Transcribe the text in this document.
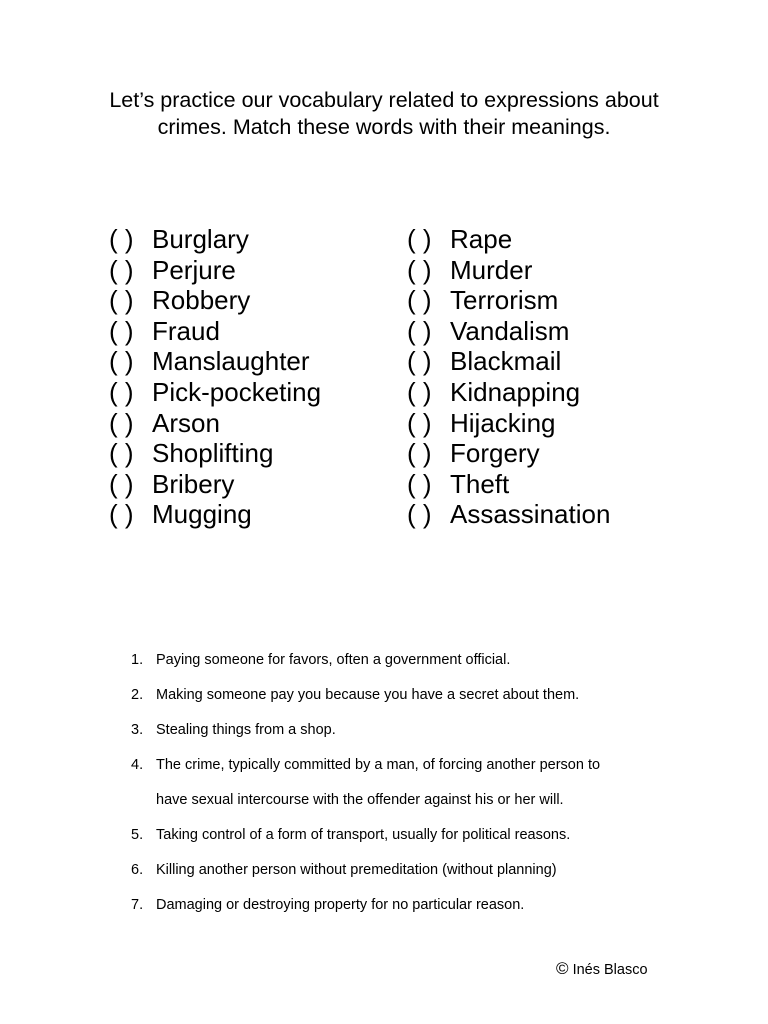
Let’s practice our vocabulary related to expressions about crimes. Match these words with their meanings.
( ) Burglary
( ) Perjure
( ) Robbery
( ) Fraud
( ) Manslaughter
( ) Pick-pocketing
( ) Arson
( ) Shoplifting
( ) Bribery
( ) Mugging
( ) Rape
( ) Murder
( ) Terrorism
( ) Vandalism
( ) Blackmail
( ) Kidnapping
( ) Hijacking
( ) Forgery
( ) Theft
( ) Assassination
1. Paying someone for favors, often a government official.
2. Making someone pay you because you have a secret about them.
3. Stealing things from a shop.
4. The crime, typically committed by a man, of forcing another person to
have sexual intercourse with the offender against his or her will.
5. Taking control of a form of transport, usually for political reasons.
6. Killing another person without premeditation (without planning)
7. Damaging or destroying property for no particular reason.
© Inés Blasco
